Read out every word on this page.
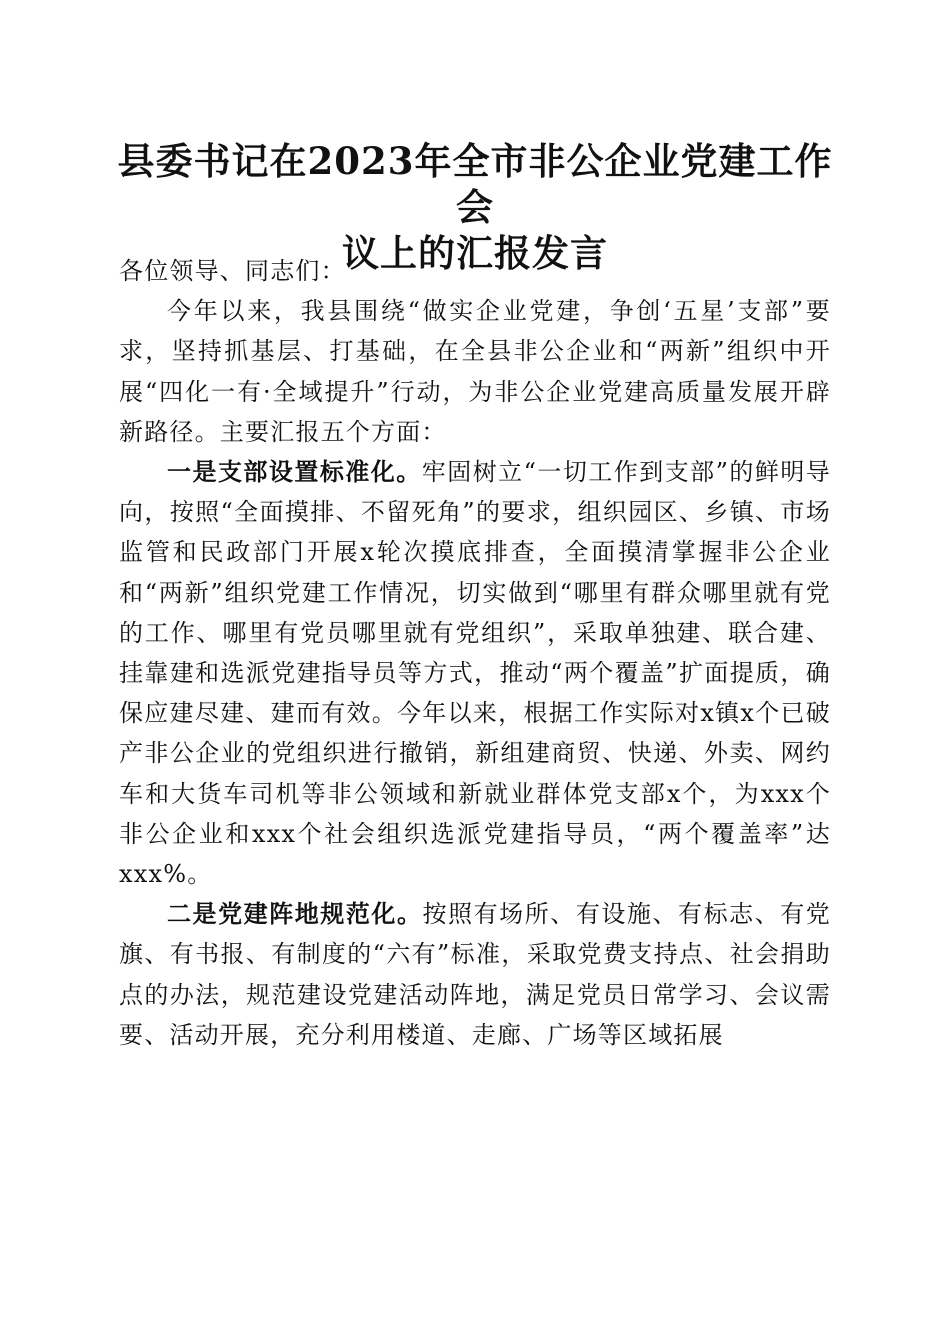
县委书记在2023年全市非公企业党建工作会
议上的汇报发言

各位领导、同志们：

今年以来，我县围绕“做实企业党建，争创‘五星’支部”要求，坚持抓基层、打基础，在全县非公企业和“两新”组织中开展“四化一有·全域提升”行动，为非公企业党建高质量发展开辟新路径。主要汇报五个方面：

一是支部设置标准化。牢固树立“一切工作到支部”的鲜明导向，按照“全面摸排、不留死角”的要求，组织园区、乡镇、市场监管和民政部门开展x轮次摸底排查，全面摸清掌握非公企业和“两新”组织党建工作情况，切实做到“哪里有群众哪里就有党的工作、哪里有党员哪里就有党组织”，采取单独建、联合建、挂靠建和选派党建指导员等方式，推动“两个覆盖”扩面提质，确保应建尽建、建而有效。今年以来，根据工作实际对x镇x个已破产非公企业的党组织进行撤销，新组建商贸、快递、外卖、网约车和大货车司机等非公领域和新就业群体党支部x个，为xxx个非公企业和xxx个社会组织选派党建指导员，“两个覆盖率”达xxx%。

二是党建阵地规范化。按照有场所、有设施、有标志、有党旗、有书报、有制度的“六有”标准，采取党费支持点、社会捐助点的办法，规范建设党建活动阵地，满足党员日常学习、会议需要、活动开展，充分利用楼道、走廊、广场等区域拓展
